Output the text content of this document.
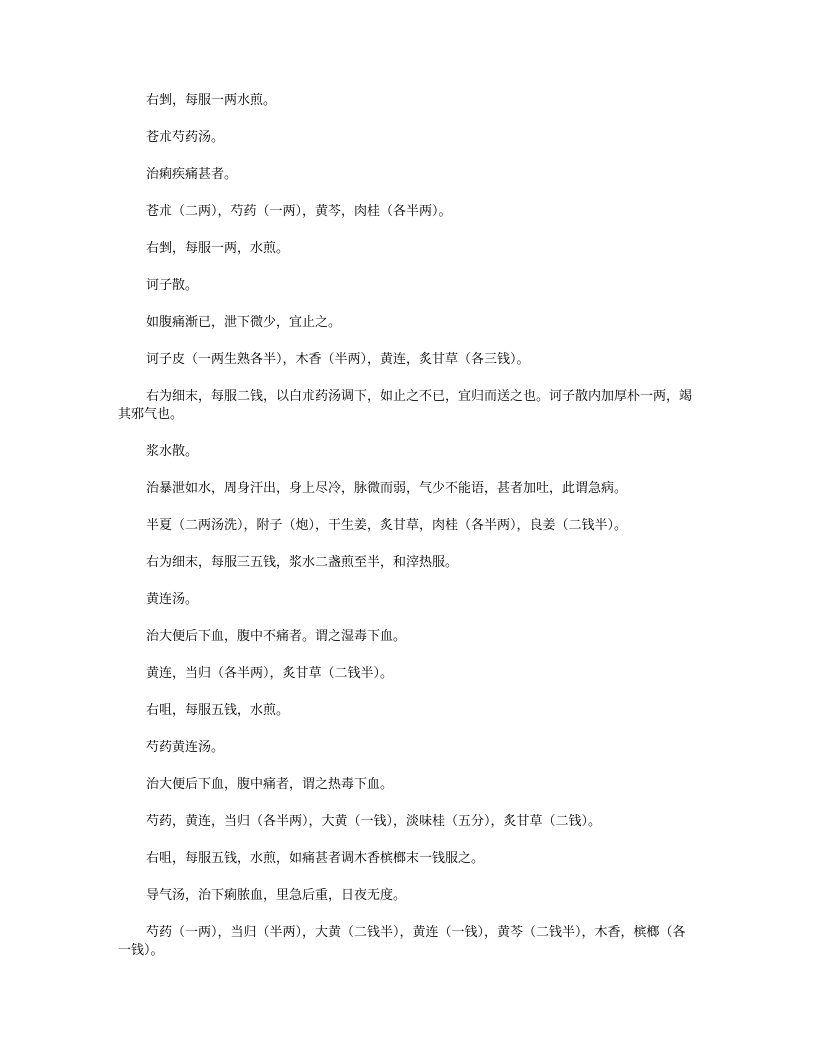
右剉，每服一两水煎。

苍朮芍药汤。

治痢疾痛甚者。

苍朮（二两），芍药（一两），黄芩，肉桂（各半两）。

右剉，每服一两，水煎。

诃子散。

如腹痛渐已，泄下微少，宜止之。

诃子皮（一两生熟各半），木香（半两），黄连，炙甘草（各三钱）。

右为细末，每服二钱，以白朮药汤调下，如止之不已，宜归而送之也。诃子散内加厚朴一两，竭其邪气也。

浆水散。

治暴泄如水，周身汗出，身上尽冷，脉微而弱，气少不能语，甚者加吐，此谓急病。

半夏（二两汤洗），附子（炮），干生姜，炙甘草，肉桂（各半两），良姜（二钱半）。

右为细末，每服三五钱，浆水二盏煎至半，和滓热服。

黄连汤。

治大便后下血，腹中不痛者。谓之湿毒下血。

黄连，当归（各半两），炙甘草（二钱半）。

右咀，每服五钱，水煎。

芍药黄连汤。

治大便后下血，腹中痛者，谓之热毒下血。

芍药，黄连，当归（各半两），大黄（一钱），淡味桂（五分），炙甘草（二钱）。

右咀，每服五钱，水煎，如痛甚者调木香槟榔末一钱服之。

导气汤，治下痢脓血，里急后重，日夜无度。

芍药（一两），当归（半两），大黄（二钱半），黄连（一钱），黄芩（二钱半），木香，槟榔（各一钱）。
